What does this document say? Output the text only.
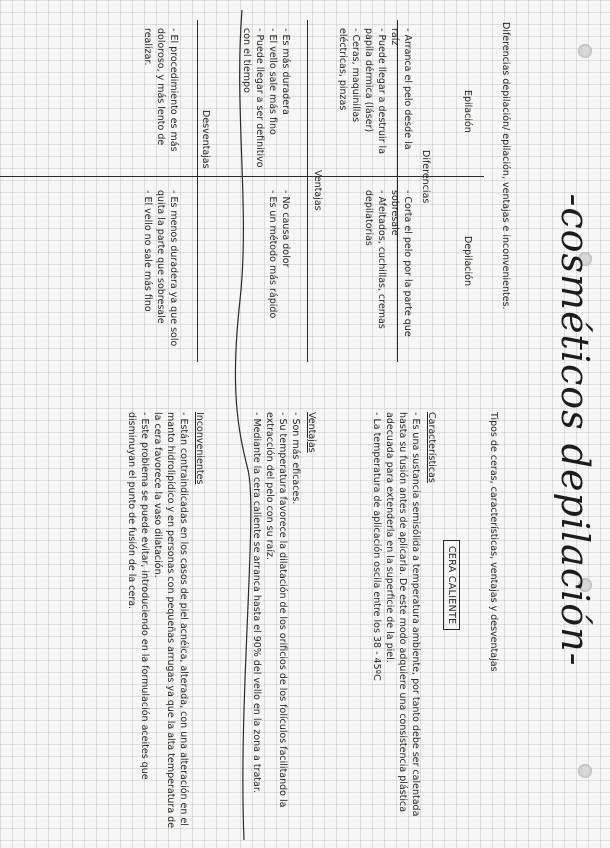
-cosméticos depilación-
Diferencias depilación/ epilación, ventajas e inconvenientes.
Epilación
Depilación
Diferencias
- Arranca el pelo desde la raíz
- Puede llegar a destruir la papila dérmica (láser)
- Ceras, maquinillas eléctricas, pinzas
- Corta el pelo por la parte que sobresale
- Afeitados, cuchillas, cremas depilatorias
Ventajas
- Es más duradera
- El vello sale más fino
- Puede llegar a ser definitivo con el tiempo
- No causa dolor
- Es un método más rápido
Desventajas
- El procedimiento es más doloroso, y más lento de realizar.
- Es menos duradera ya que solo quita la parte que sobresale
- El vello no sale más fino
Tipos de ceras, características, ventajas y desventajas
CERA CALIENTE
Características
- Es una sustancia semisólida a temperatura ambiente, por tanto debe ser calentada hasta su fusión antes de aplicarla. De este modo adquiere una consistencia plástica adecuada para extenderla en la superficie de la piel.
- La temperatura de aplicación oscila entre los 38 - 45ºC
Ventajas
- Son más eficaces.
- Su temperatura favorece la dilatación de los orificios de los folículos facilitando la extracción del pelo con su raíz.
- Mediante la cera caliente se arranca hasta el 90% del vello en la zona a tratar.
Inconvenientes
- Están contraindicadas en los casos de piel acnéica, alterada, con una alteración en el manto hidrolipídico y en personas con pequeñas arrugas ya que la alta temperatura de la cera favorece la vaso dilatación.
- Este problema se puede evitar, introduciendo en la formulación aceites que disminuyan el punto de fusión de la cera.
